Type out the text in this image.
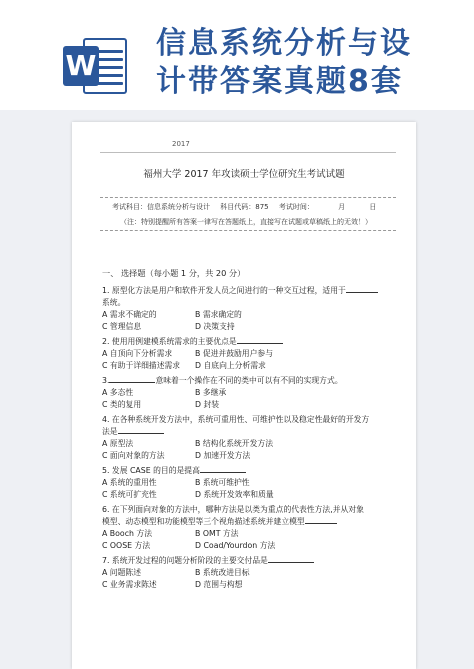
W
信息系统分析与设
计带答案真题8套
2017
福州大学 2017 年攻读硕士学位研究生考试试题
考试科目：信息系统分析与设计 科目代码：875 考试时间：	月	日
（注：特别提醒所有答案一律写在答题纸上，直接写在试题或草稿纸上的无效！）
一、 选择题（每小题 1 分，共 20 分）
1. 原型化方法是用户和软件开发人员之间进行的一种交互过程，适用于
系统。
A 需求不确定的	B 需求确定的
C 管理信息	D 决策支持
2. 使用用例建模系统需求的主要优点是
A 自顶向下分析需求	B 促进并鼓励用户参与
C 有助于详细描述需求 D 自底向上分析需求
3.	意味着一个操作在不同的类中可以有不同的实现方式。
A 多态性	B 多继承
C 类的复用	D 封装
4. 在各种系统开发方法中，系统可重用性、可维护性以及稳定性最好的开发方
法是
A 原型法	B 结构化系统开发方法
C 面向对象的方法	D 加速开发方法
5. 发展 CASE 的目的是提高
A 系统的重用性	B 系统可维护性
C 系统可扩充性	D 系统开发效率和质量
6. 在下列面向对象的方法中，哪种方法是以类为重点的代表性方法,并从对象
模型、动态模型和功能模型等三个视角描述系统并建立模型
A Booch 方法	B OMT 方法
C OOSE 方法	D Coad/Yourdon 方法
7. 系统开发过程的问题分析阶段的主要交付品是
A 问题陈述	B 系统改进目标
C 业务需求陈述	D 范围与构想
